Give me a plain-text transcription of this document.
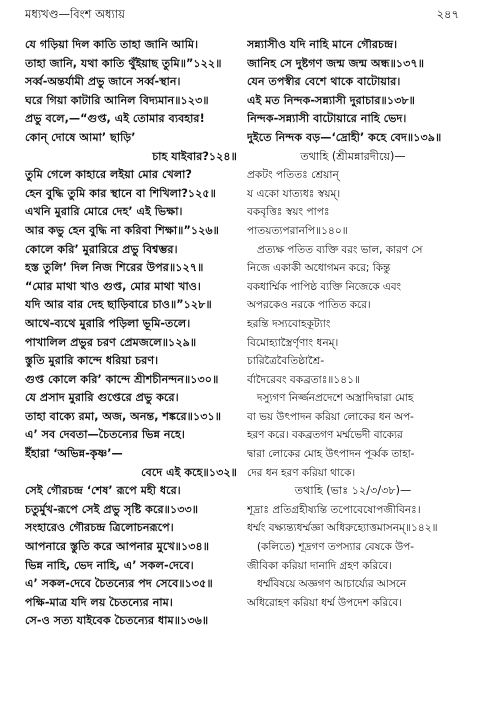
মধ্যখণ্ড—বিংশ অধ্যায়	২৪৭
যে গড়িয়া দিল কাতি তাহা জানি আমি।
তাহা জানি, যথা কাতি থুঁইয়াছ তুমি॥”১২২॥
সর্ব্ব-অন্তর্যামী প্রভু জানে সর্ব্ব-স্থান।
ঘরে গিয়া কাটারি আনিল বিদ্যমান॥১২৩॥
প্রভু বলে,—“গুপ্ত, এই তোমার ব্যবহার!
কোন্ দোষে আমা’ ছাড়ি’
চাহ যাইবার?১২৪॥
তুমি গেলে কাহারে লইয়া মোর খেলা?
হেন বুদ্ধি তুমি কার স্থানে বা শিখিলা?১২৫॥
এখনি মুরারি মোরে দেহ’ এই ভিক্ষা।
আর কভু হেন বুদ্ধি না করিবা শিক্ষা॥”১২৬॥
কোলে করি’ মুরারিরে প্রভু বিশ্বম্ভর।
হস্ত তুলি’ দিল নিজ শিরের উপর॥১২৭॥
“মোর মাথা খাও গুপ্ত, মোর মাথা খাও।
যদি আর বার দেহ ছাড়িবারে চাও॥”১২৮॥
আথে-ব্যথে মুরারি পড়িলা ভূমি-তলে।
পাখালিল প্রভুর চরণ প্রেমজলে॥১২৯॥
স্তুতি মুরারি কান্দে ধরিয়া চরণ।
গুপ্ত কোলে করি’ কান্দে শ্রীশচীনন্দন॥১৩০॥
যে প্রসাদ মুরারি গুপ্তেরে প্রভু করে।
তাহা বাক্যে রমা, অজ, অনন্ত, শঙ্করে॥১৩১॥
এ’ সব দেবতা—চৈতন্যের ভিন্ন নহে।
ইঁহারা ‘অভিন্ন-কৃষ্ণ’—
বেদে এই কহে॥১৩২॥
সেই গৌরচন্দ্র ‘শেষ’ রূপে মহী ধরে।
চতুর্মুখ-রূপে সেই প্রভু সৃষ্টি করে॥১৩৩॥
সংহারেও গৌরচন্দ্র ত্রিলোচনরূপে।
আপনারে স্তুতি করে আপনার মুখে॥১৩৪॥
ভিন্ন নাহি, ভেদ নাহি, এ’ সকল-দেবে।
এ’ সকল-দেবে চৈতন্যের পদ সেবে॥১৩৫॥
পক্ষি-মাত্র যদি লয় চৈতন্যের নাম।
সে-ও সত্য যাইবেক চৈতন্যের ধাম॥১৩৬॥
সন্ন্যাসীও যদি নাহি মানে গৌরচন্দ্র।
জানিহ সে দুষ্টগণ জন্ম জন্ম অন্ধ॥১৩৭॥
যেন তপস্বীর বেশে থাকে বাটোয়ার।
এই মত নিন্দক-সন্ন্যাসী দুরাচার॥১৩৮॥
নিন্দক-সন্ন্যাসী বাটোয়ারে নাহি ভেদ।
দুইতে নিন্দক বড়—‘দ্রোহী’ কহে বেদ॥১৩৯॥
তথাহি (শ্রীমন্নারদীয়ে)—
প্রকটং পতিতঃ শ্রেয়ান্
য একো যাত্যধঃ স্বয়ম্।
বকবৃত্তিঃ স্বয়ং পাপঃ
পাতয়ত্যপরানপি॥১৪০॥
প্রত্যক্ষ পতিত ব্যক্তি বরং ভাল, কারণ সে
নিজে একাকী অধোগমন করে; কিন্তু
বকধার্ম্মিক পাপিষ্ঠ ব্যক্তি নিজেকে এবং
অপরকেও নরকে পাতিত করে।
হরন্তি দস্যবোহকূট্যাং
বিমোহ্যাস্ত্রৈর্ণৃণাং ধনম্।
চারিত্রৈবৈতিষ্ঠাশ্রৈ-
র্বাদৈরেবং বকব্রতাঃ॥১৪১॥
দস্যুগণ নির্জ্জনপ্রদেশে অস্ত্রাদিদ্বারা মোহ
বা ভয় উৎপাদন করিয়া লোকের ধন অপ-
হরণ করে। বকব্রতগণ মর্ম্মভেদী বাক্যের
দ্বারা লোকের মোহ উৎপাদন পূর্ব্বক তাহা-
দের ধন হরণ করিয়া থাকে।
তথাহি (ভাঃ ১২/৩/৩৮)—
শূদ্রাঃ প্রতিগ্রহীষ্যন্তি তপোবেষোপজীবিনঃ।
ধর্ম্মং বক্ষ্যন্ত্যধর্ম্মজ্ঞা অধিরুহ্যোত্তমাসনম্॥১৪২॥
(কলিতে) শূদ্রগণ তপস্যার বেষকে উপ-
জীবিকা করিয়া দানাদি গ্রহণ করিবে।
ধর্ম্মবিষয়ে অজ্ঞগণ আচার্য্যের আসনে
অধিরোহণ করিয়া ধর্ম্ম উপদেশ করিবে।
